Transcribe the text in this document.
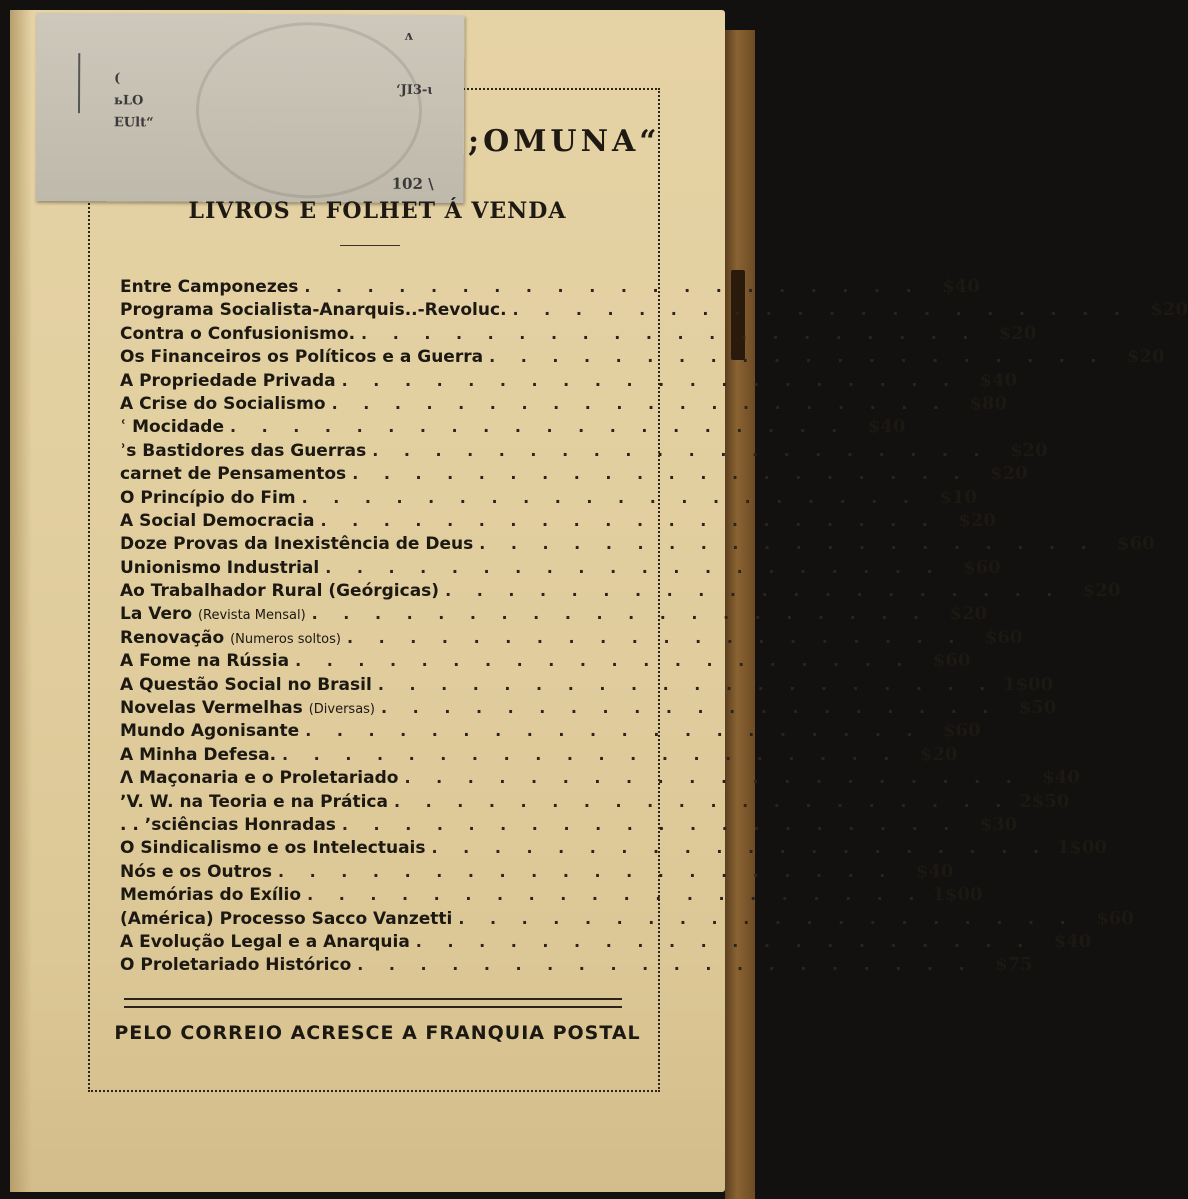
(
ьLO
ЕUlt“
ʌ
‘JI3-ɩ
102 \
;OMUNA“
LIVROS E FOLHET Á VENDA
Entre Camponezes . . . . . . . . . . . . . . . . . . . .	$40
Programa Socialista-Anarquis..-Revoluc. . . . . . . . . . . . . . . . . . . . .	$20
Contra o Confusionismo. . . . . . . . . . . . . . . . . . . . .	$20
Os Financeiros os Políticos e a Guerra . . . . . . . . . . . . . . . . . . . .	$20
A Propriedade Privada . . . . . . . . . . . . . . . . . . . .	$40
A Crise do Socialismo . . . . . . . . . . . . . . . . . . . .	$80
ʿ Mocidade . . . . . . . . . . . . . . . . . . . .	$40
ʾs Bastidores das Guerras . . . . . . . . . . . . . . . . . . . .	$20
сarnet de Pensamentos . . . . . . . . . . . . . . . . . . . .	$20
O Princípio do Fim . . . . . . . . . . . . . . . . . . . .	$10
A Social Democracia . . . . . . . . . . . . . . . . . . . .	$20
Doze Provas da Inexistência de Deus . . . . . . . . . . . . . . . . . . . .	$60
Unionismo Industrial . . . . . . . . . . . . . . . . . . . .	$60
Ao Trabalhador Rural (Geórgicas) . . . . . . . . . . . . . . . . . . . .	$20
La Vero (Revista Mensal) . . . . . . . . . . . . . . . . . . . .	$20
Renovação (Numeros soltos) . . . . . . . . . . . . . . . . . . . .	$60
A Fome na Rússia . . . . . . . . . . . . . . . . . . . .	$60
A Questão Social no Brasil . . . . . . . . . . . . . . . . . . . . 1$00
Novelas Vermelhas (Diversas) . . . . . . . . . . . . . . . . . . . .	$50
Mundo Agonisante . . . . . . . . . . . . . . . . . . . .	$60
A Minha Defesa. . . . . . . . . . . . . . . . . . . . .	$20
Ʌ Maçonaria e o Proletariado . . . . . . . . . . . . . . . . . . . .	$40
ʼV. W. na Teoria e na Prática . . . . . . . . . . . . . . . . . . . . 2$50
. . ʼsciências Honradas . . . . . . . . . . . . . . . . . . . .	$30
O Sindicalismo e os Intelectuais . . . . . . . . . . . . . . . . . . . . 1$00
Nós e os Outros . . . . . . . . . . . . . . . . . . . .	$40
Memórias do Exílio . . . . . . . . . . . . . . . . . . . . 1$00
(América) Processo Sacco Vanzetti . . . . . . . . . . . . . . . . . . . .	$60
A Evolução Legal e a Anarquia . . . . . . . . . . . . . . . . . . . .	$40
O Proletariado Histórico . . . . . . . . . . . . . . . . . . . .	$75
PELO CORREIO ACRESCE A FRANQUIA POSTAL
